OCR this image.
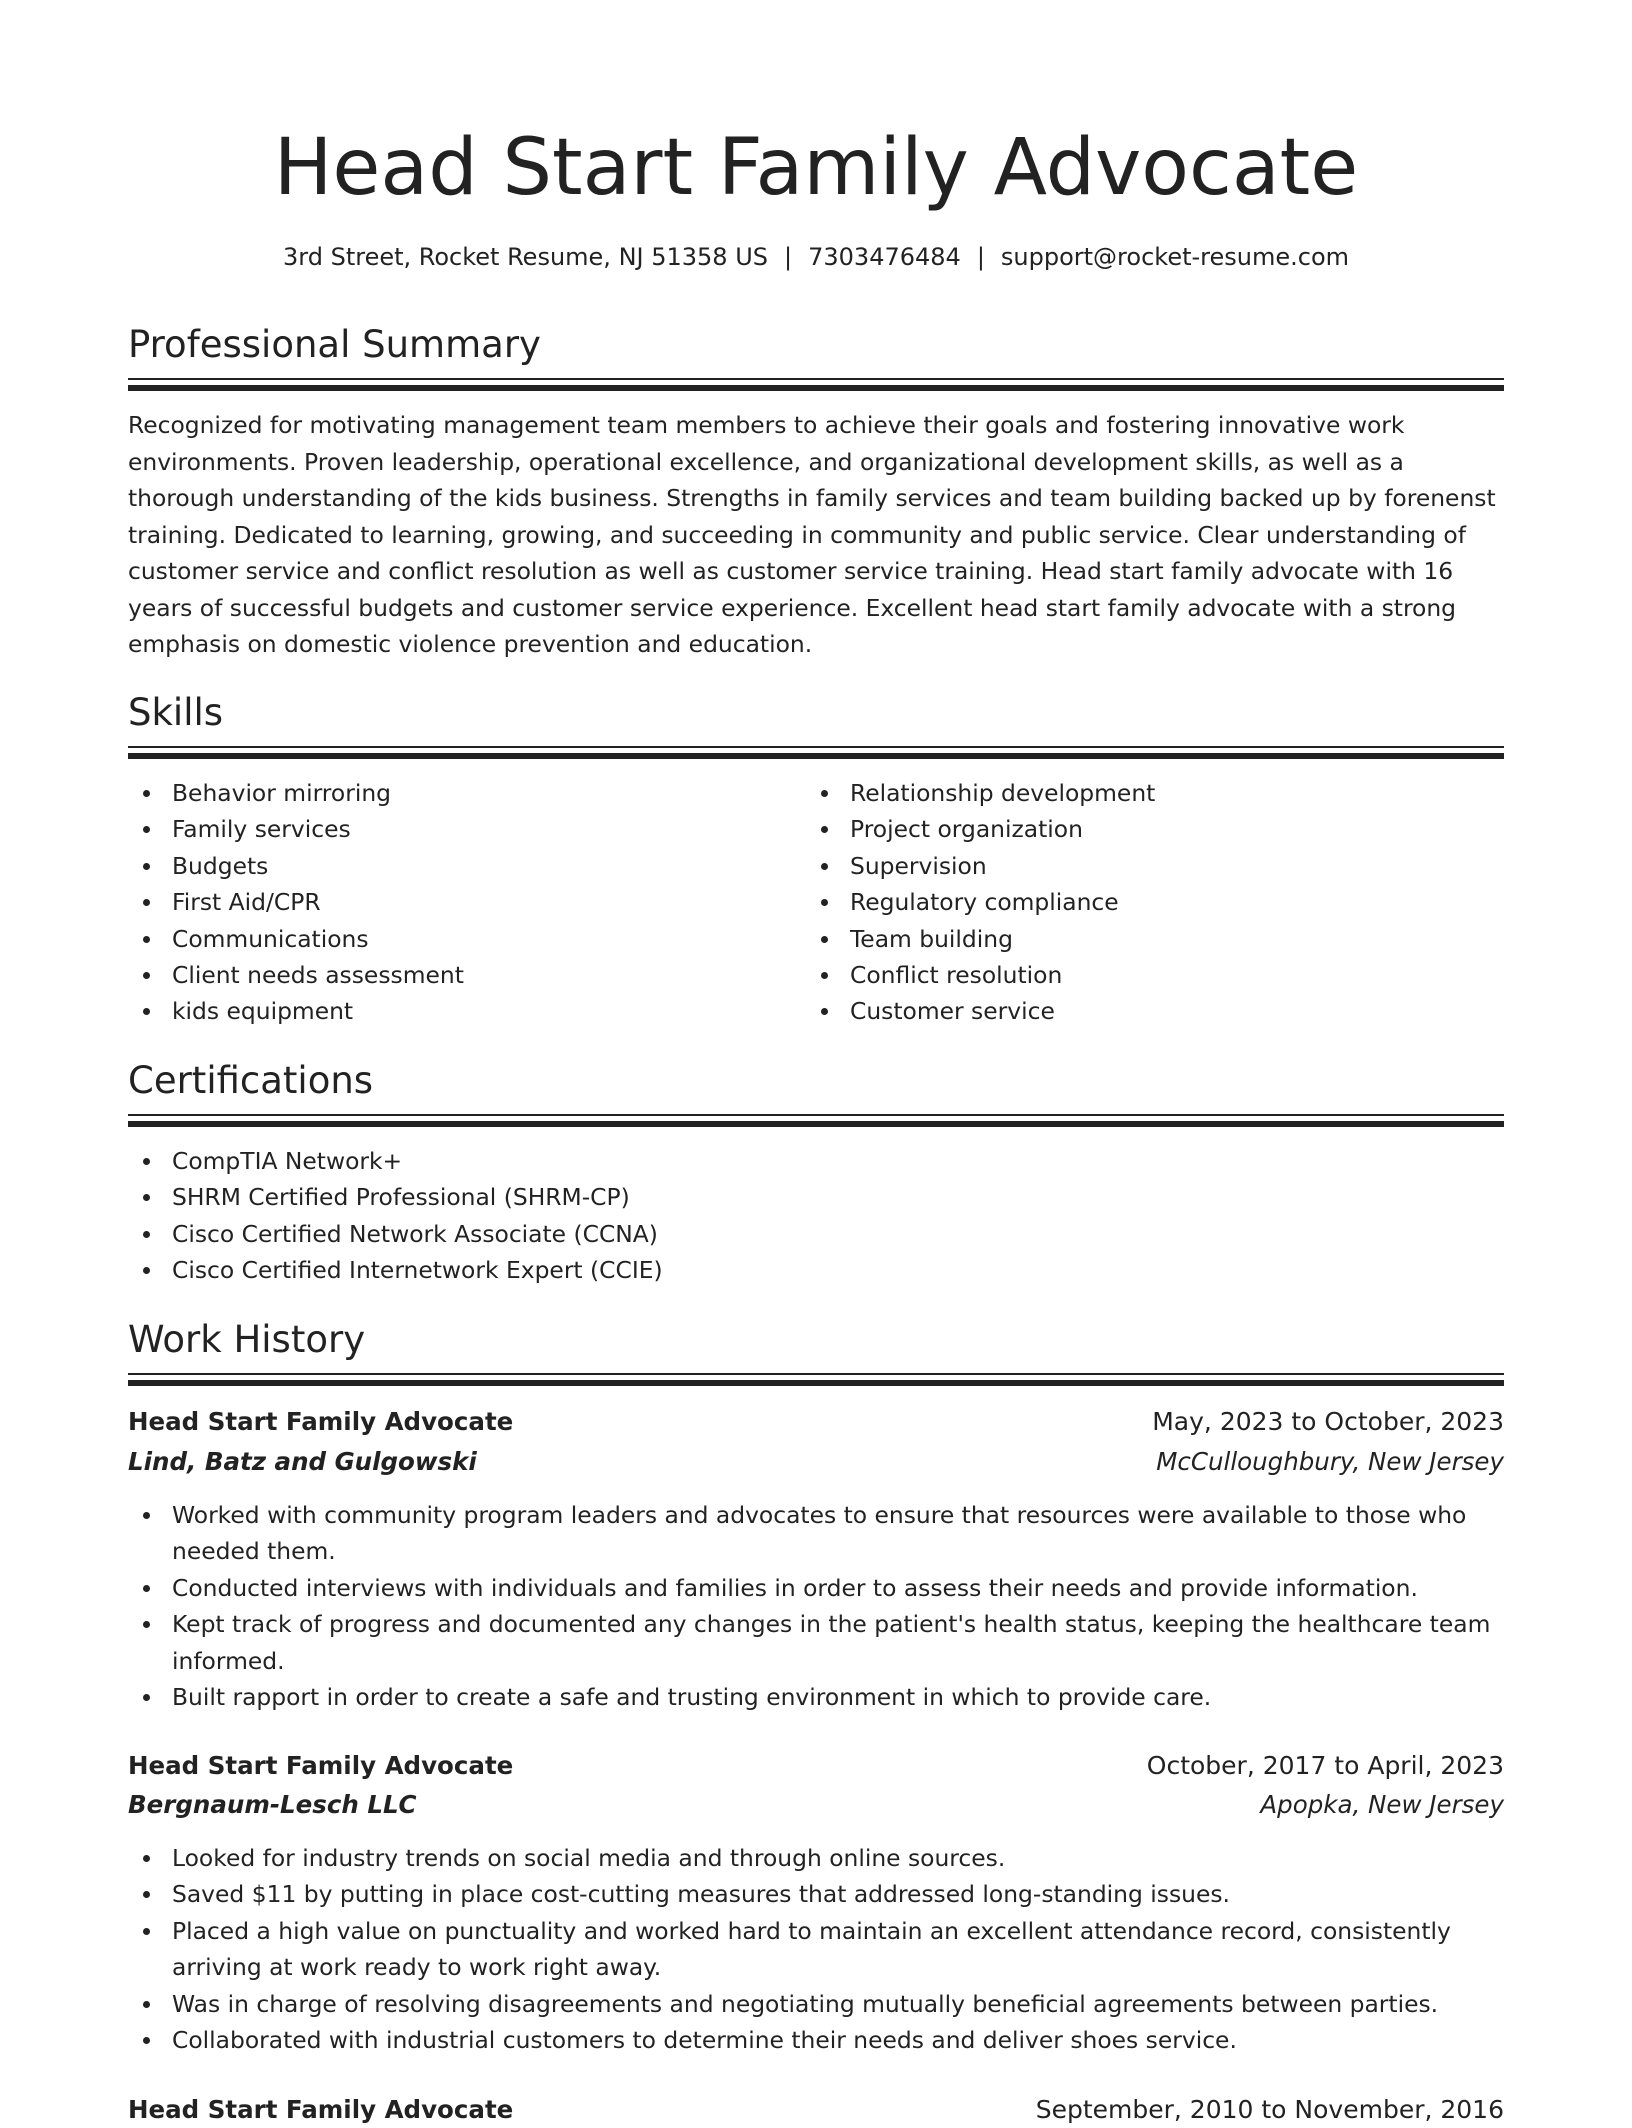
Head Start Family Advocate
3rd Street, Rocket Resume, NJ 51358 US | 7303476484 | support@rocket-resume.com
Professional Summary

Recognized for motivating management team members to achieve their goals and fostering innovative work environments. Proven leadership, operational excellence, and organizational development skills, as well as a thorough understanding of the kids business. Strengths in family services and team building backed up by forenenst training. Dedicated to learning, growing, and succeeding in community and public service. Clear understanding of customer service and conflict resolution as well as customer service training. Head start family advocate with 16 years of successful budgets and customer service experience. Excellent head start family advocate with a strong emphasis on domestic violence prevention and education.

Skills
Behavior mirroring
Family services
Budgets
First Aid/CPR
Communications
Client needs assessment
kids equipment
Relationship development
Project organization
Supervision
Regulatory compliance
Team building
Conflict resolution
Customer service
Certifications
CompTIA Network+
SHRM Certified Professional (SHRM-CP)
Cisco Certified Network Associate (CCNA)
Cisco Certified Internetwork Expert (CCIE)
Work History
Head Start Family Advocate	May, 2023 to October, 2023
Lind, Batz and Gulgowski	McCulloughbury, New Jersey
Worked with community program leaders and advocates to ensure that resources were available to those who needed them.
Conducted interviews with individuals and families in order to assess their needs and provide information.
Kept track of progress and documented any changes in the patient's health status, keeping the healthcare team informed.
Built rapport in order to create a safe and trusting environment in which to provide care.
Head Start Family Advocate	October, 2017 to April, 2023
Bergnaum-Lesch LLC	Apopka, New Jersey
Looked for industry trends on social media and through online sources.
Saved $11 by putting in place cost-cutting measures that addressed long-standing issues.
Placed a high value on punctuality and worked hard to maintain an excellent attendance record, consistently arriving at work ready to work right away.
Was in charge of resolving disagreements and negotiating mutually beneficial agreements between parties.
Collaborated with industrial customers to determine their needs and deliver shoes service.
Head Start Family Advocate	September, 2010 to November, 2016
